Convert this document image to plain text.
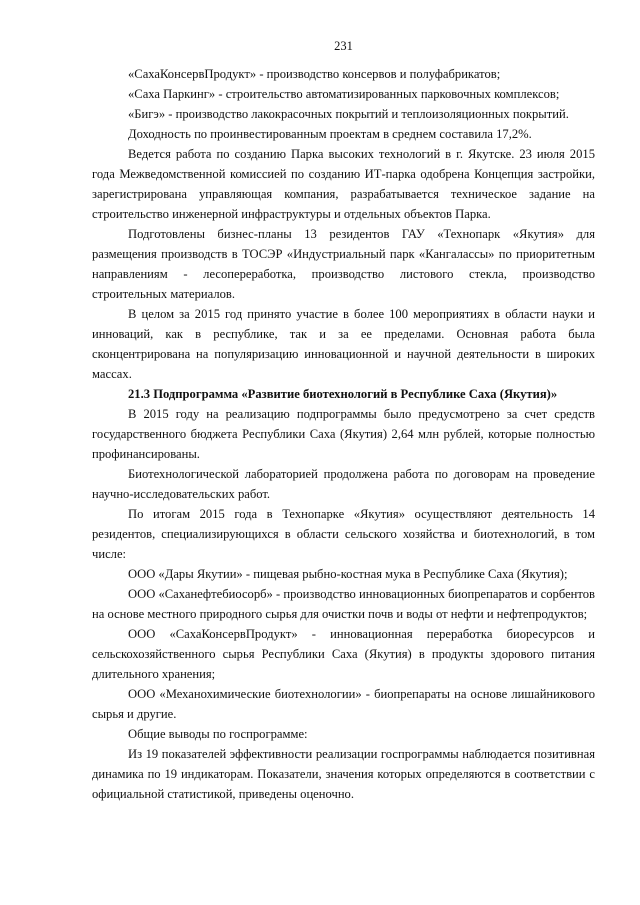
231

«СахаКонсервПродукт» - производство консервов и полуфабрикатов;

«Саха Паркинг» - строительство автоматизированных парковочных комплексов;

«Бигэ» - производство лакокрасочных покрытий и теплоизоляционных покрытий.

Доходность по проинвестированным проектам в среднем составила 17,2%.

Ведется работа по созданию Парка высоких технологий в г. Якутске. 23 июля 2015 года Межведомственной комиссией по созданию ИТ-парка одобрена Концепция застройки, зарегистрирована управляющая компания, разрабатывается техническое задание на строительство инженерной инфраструктуры и отдельных объектов Парка.

Подготовлены бизнес-планы 13 резидентов ГАУ «Технопарк «Якутия» для размещения производств в ТОСЭР «Индустриальный парк «Кангалассы» по приоритетным направлениям - лесопереработка, производство листового стекла, производство строительных материалов.

В целом за 2015 год принято участие в более 100 мероприятиях в области науки и инноваций, как в республике, так и за ее пределами. Основная работа была сконцентрирована на популяризацию инновационной и научной деятельности в широких массах.

21.3 Подпрограмма «Развитие биотехнологий в Республике Саха (Якутия)»

В 2015 году на реализацию подпрограммы было предусмотрено за счет средств государственного бюджета Республики Саха (Якутия) 2,64 млн рублей, которые полностью профинансированы.

Биотехнологической лабораторией продолжена работа по договорам на проведение научно-исследовательских работ.

По итогам 2015 года в Технопарке «Якутия» осуществляют деятельность 14 резидентов, специализирующихся в области сельского хозяйства и биотехнологий, в том числе:

ООО «Дары Якутии» - пищевая рыбно-костная мука в Республике Саха (Якутия);

ООО «Саханефтебиосорб» - производство инновационных биопрепаратов и сорбентов на основе местного природного сырья для очистки почв и воды от нефти и нефтепродуктов;

ООО «СахаКонсервПродукт» - инновационная переработка биоресурсов и сельскохозяйственного сырья Республики Саха (Якутия) в продукты здорового питания длительного хранения;

ООО «Механохимические биотехнологии» - биопрепараты на основе лишайникового сырья и другие.

Общие выводы по госпрограмме:

Из 19 показателей эффективности реализации госпрограммы наблюдается позитивная динамика по 19 индикаторам. Показатели, значения которых определяются в соответствии с официальной статистикой, приведены оценочно.
